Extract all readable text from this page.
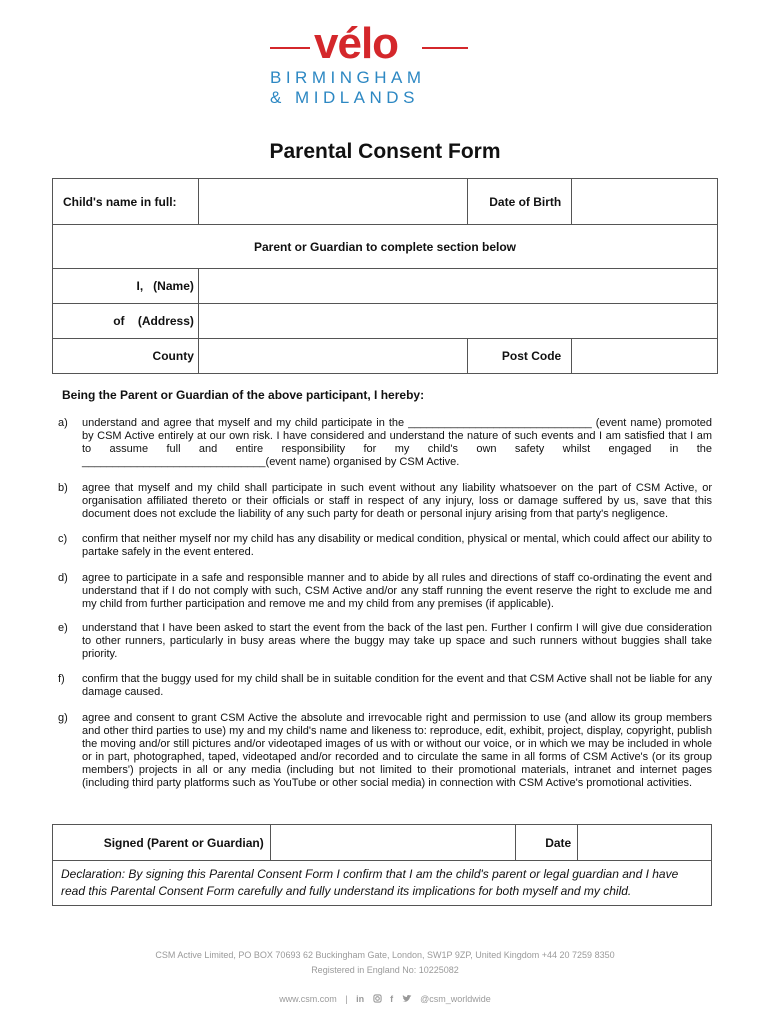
vélo
BIRMINGHAM
& MIDLANDS
Parental Consent Form
Child's name in full:		Date of Birth	
Parent or Guardian to complete section below			
I,   (Name)			
of    (Address)			
County		Post Code	
Being the Parent or Guardian of the above participant, I hereby:
a)	understand and agree that myself and my child participate in the ______________________________ (event name) promoted by CSM Active entirely at our own risk. I have considered and understand the nature of such events and I am satisfied that I am to assume full and entire responsibility for my child's own safety whilst engaged in the ______________________________(event name) organised by CSM Active.
b)	agree that myself and my child shall participate in such event without any liability whatsoever on the part of CSM Active, or organisation affiliated thereto or their officials or staff in respect of any injury, loss or damage suffered by us, save that this document does not exclude the liability of any such party for death or personal injury arising from that party's negligence.
c)	confirm that neither myself nor my child has any disability or medical condition, physical or mental, which could affect our ability to partake safely in the event entered.
d)	agree to participate in a safe and responsible manner and to abide by all rules and directions of staff co-ordinating the event and understand that if I do not comply with such, CSM Active and/or any staff running the event reserve the right to exclude me and my child from further participation and remove me and my child from any premises (if applicable).
e)	understand that I have been asked to start the event from the back of the last pen. Further I confirm I will give due consideration to other runners, particularly in busy areas where the buggy may take up space and such runners without buggies shall take priority.
f)	confirm that the buggy used for my child shall be in suitable condition for the event and that CSM Active shall not be liable for any damage caused.
g)	agree and consent to grant CSM Active the absolute and irrevocable right and permission to use (and allow its group members and other third parties to use) my and my child's name and likeness to: reproduce, edit, exhibit, project, display, copyright, publish the moving and/or still pictures and/or videotaped images of us with or without our voice, or in which we may be included in whole or in part, photographed, taped, videotaped and/or recorded and to circulate the same in all forms of CSM Active's (or its group members') projects in all or any media (including but not limited to their promotional materials, intranet and internet pages (including third party platforms such as YouTube or other social media) in connection with CSM Active's promotional activities.
Signed (Parent or Guardian)		Date	
Declaration: By signing this Parental Consent Form I confirm that I am the child's parent or legal guardian and I have read this Parental Consent Form carefully and fully understand its implications for both myself and my child.
CSM Active Limited, PO BOX 70693 62 Buckingham Gate, London, SW1P 9ZP, United Kingdom +44 20 7259 8350
Registered in England No: 10225082
www.csm.com | in	f	@csm_worldwide
